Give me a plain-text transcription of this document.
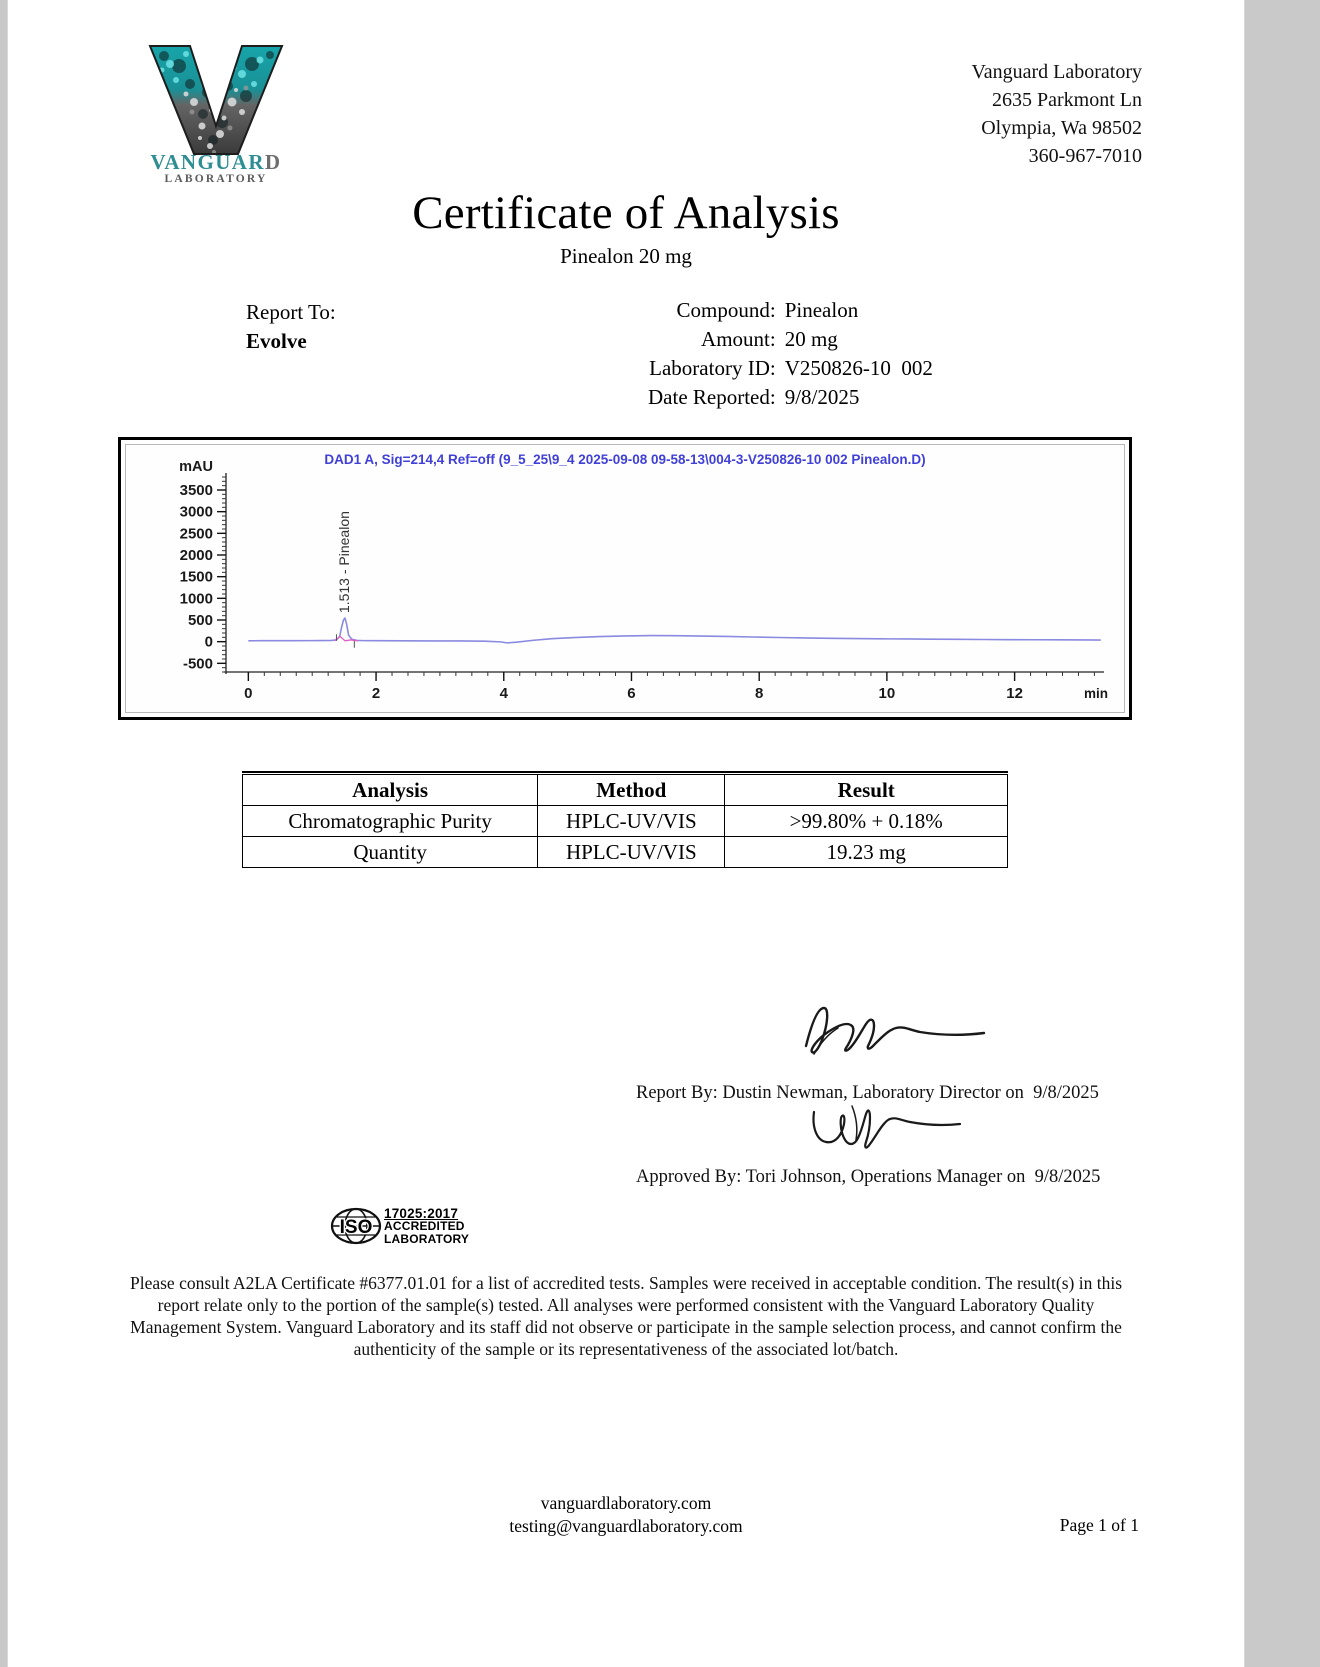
VANGUARD
LABORATORY
Vanguard Laboratory
2635 Parkmont Ln
Olympia, Wa 98502
360-967-7010
Certificate of Analysis
Pinealon 20 mg
Report To:
Evolve
Compound:	Pinealon
Amount:	20 mg
Laboratory ID:	V250826-10  002
Date Reported:	9/8/2025
DAD1 A, Sig=214,4 Ref=off (9_5_25\9_4 2025-09-08 09-58-13\004-3-V250826-10 002 Pinealon.D)
-500
0
500
1000
1500
2000
2500
3000
3500
mAU
0	2	4	6	8	10	12	min
1.513 - Pinealon
Analysis	Method	Result
Chromatographic Purity	HPLC-UV/VIS	>99.80% + 0.18%
Quantity	HPLC-UV/VIS	19.23 mg
Report By: Dustin Newman, Laboratory Director on  9/8/2025
Approved By: Tori Johnson, Operations Manager on  9/8/2025
ISO
17025:2017
ACCREDITED
LABORATORY
Please consult A2LA Certificate #6377.01.01 for a list of accredited tests. Samples were received in acceptable condition. The result(s) in this report relate only to the portion of the sample(s) tested. All analyses were performed consistent with the Vanguard Laboratory Quality Management System. Vanguard Laboratory and its staff did not observe or participate in the sample selection process, and cannot confirm the authenticity of the sample or its representativeness of the associated lot/batch.
vanguardlaboratory.com
testing@vanguardlaboratory.com	Page 1 of 1
